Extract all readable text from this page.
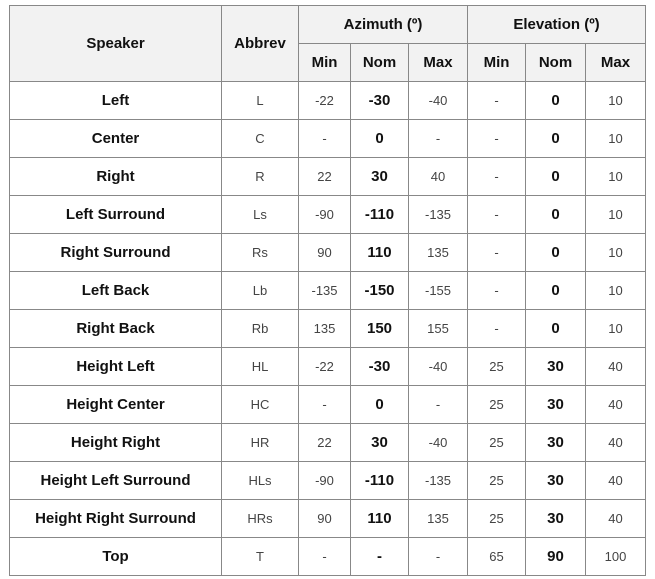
Speaker	Abbrev	Azimuth (º)			Elevation (º)		
		Min	Nom	Max	Min	Nom	Max
Left	L	-22	-30	-40	-	0	10
Center	C	-	0	-	-	0	10
Right	R	22	30	40	-	0	10
Left Surround	Ls	-90	-110	-135	-	0	10
Right Surround	Rs	90	110	135	-	0	10
Left Back	Lb	-135	-150	-155	-	0	10
Right Back	Rb	135	150	155	-	0	10
Height Left	HL	-22	-30	-40	25	30	40
Height Center	HC	-	0	-	25	30	40
Height Right	HR	22	30	-40	25	30	40
Height Left Surround	HLs	-90	-110	-135	25	30	40
Height Right Surround	HRs	90	110	135	25	30	40
Top	T	-	-	-	65	90	100
